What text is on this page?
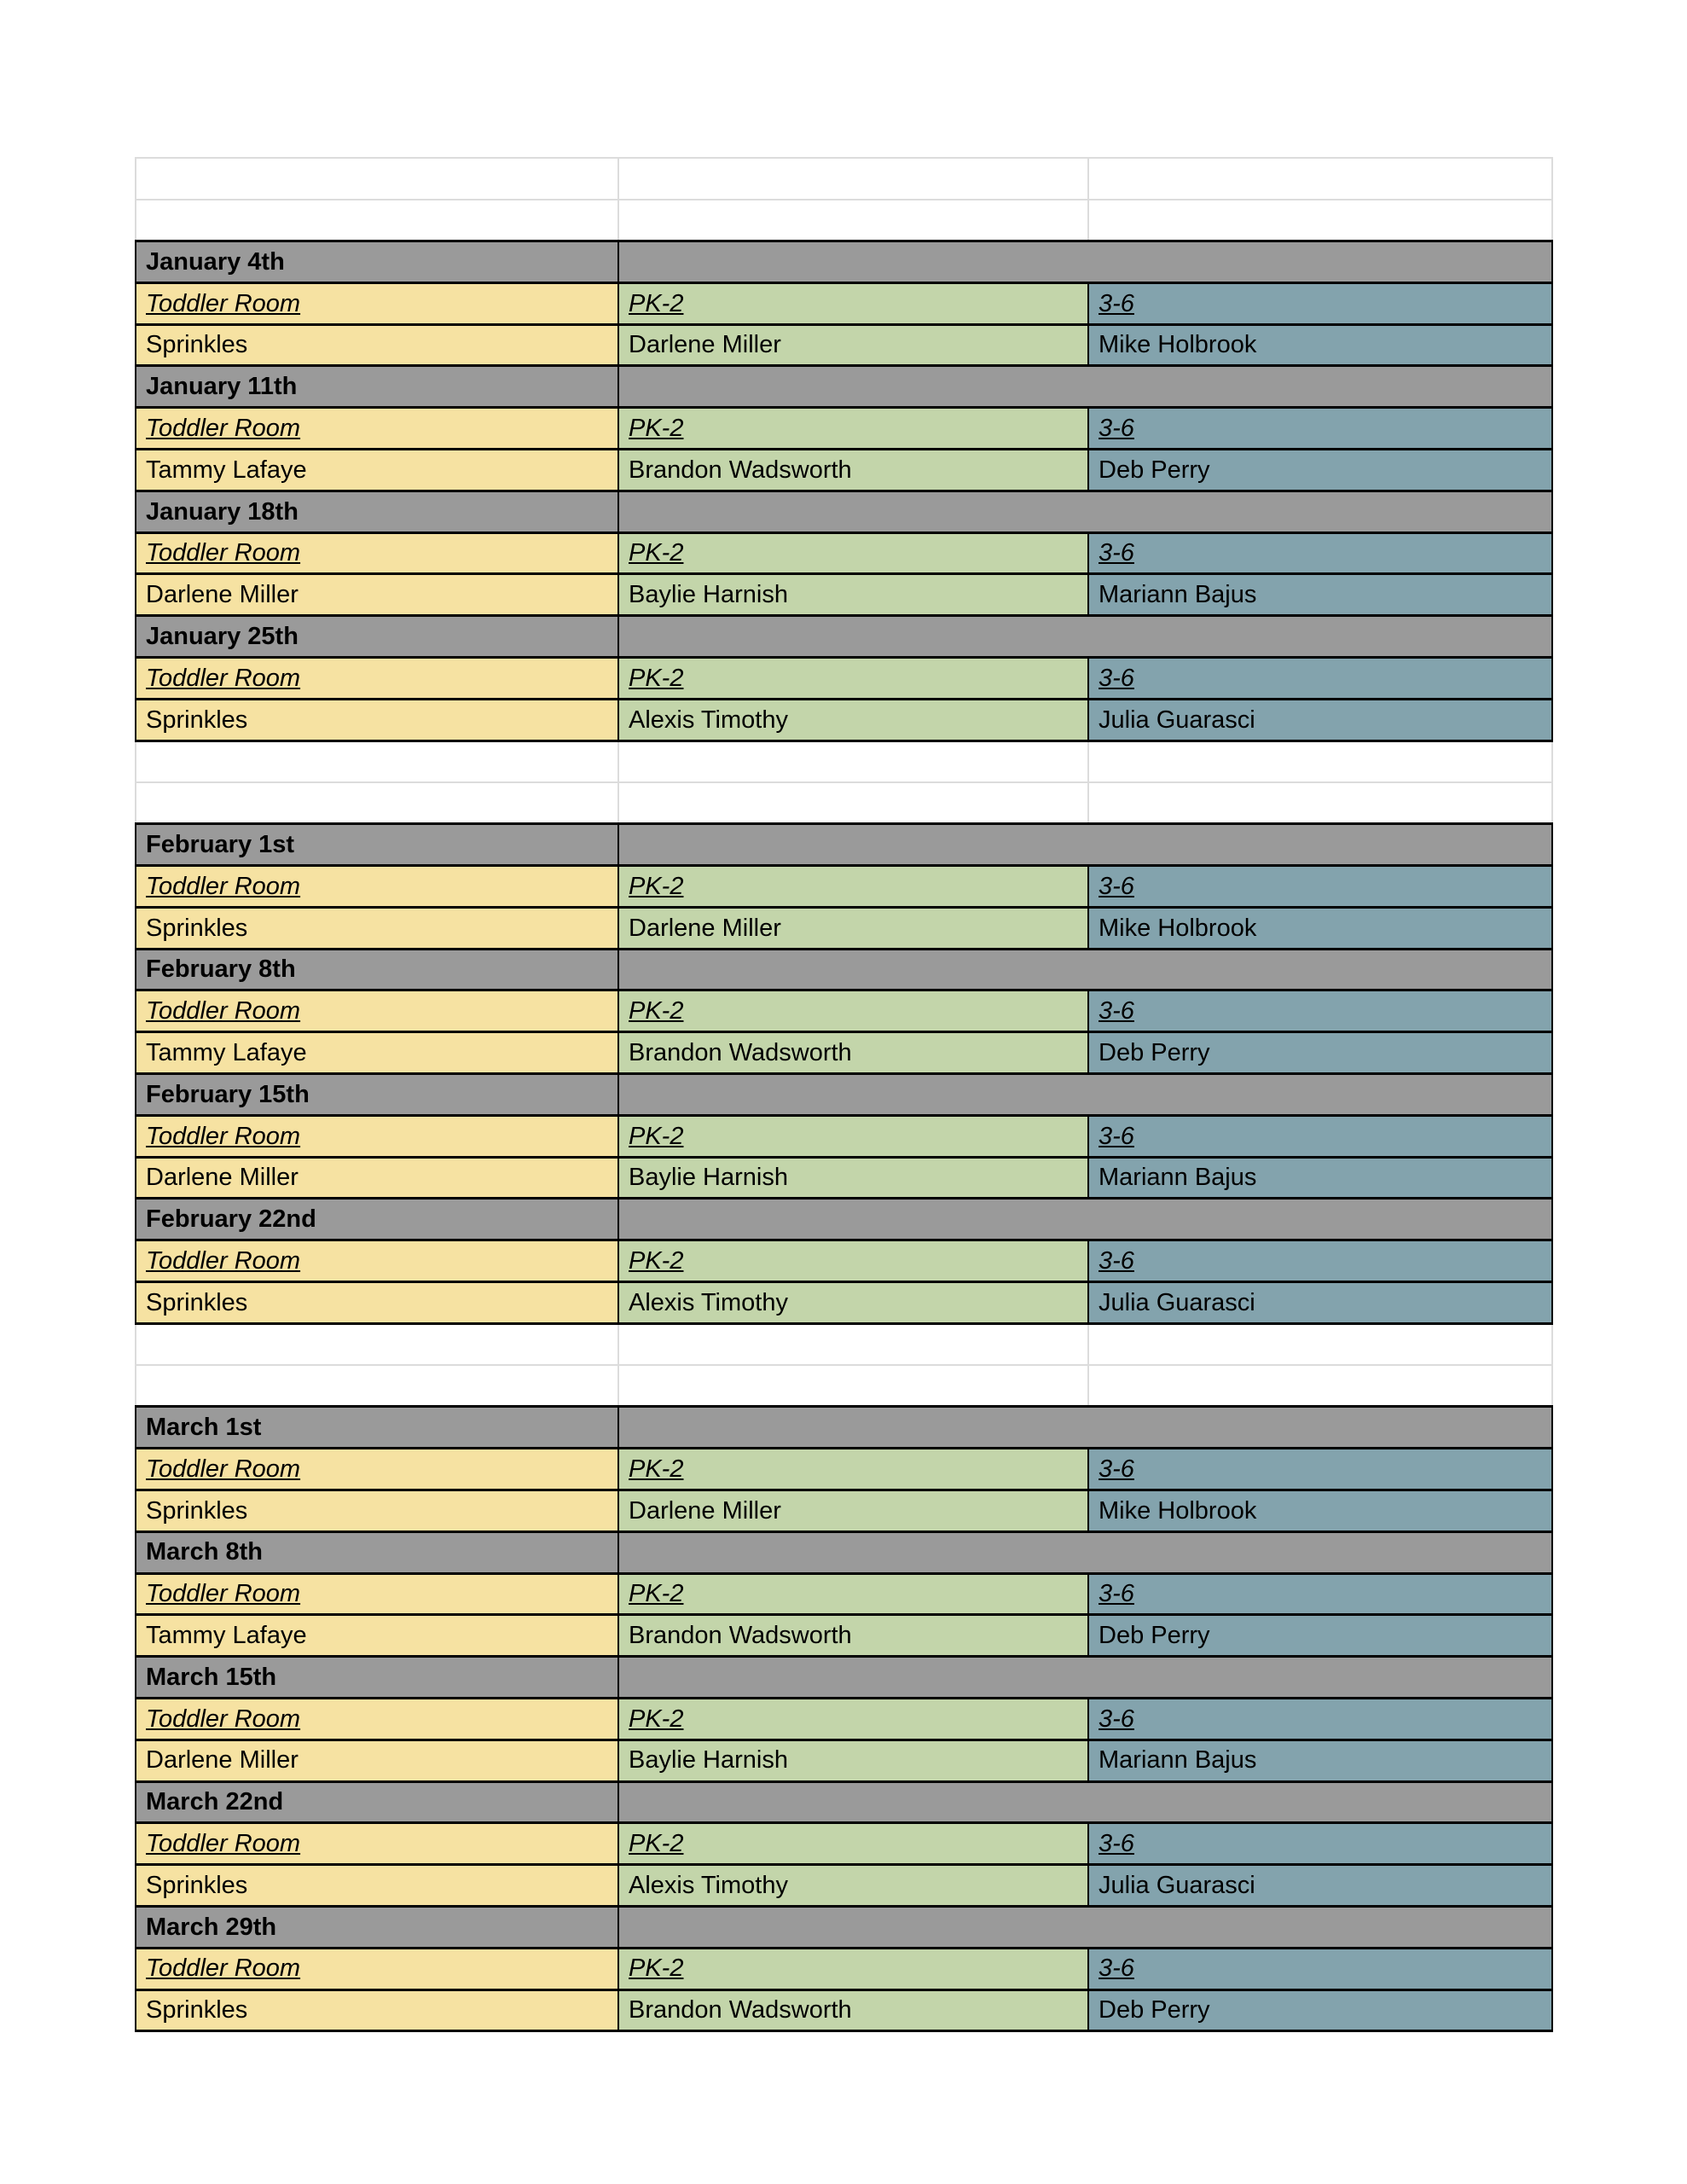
January 4th		
Toddler Room	PK-2	3-6
Sprinkles	Darlene Miller	Mike Holbrook
January 11th		
Toddler Room	PK-2	3-6
Tammy Lafaye	Brandon Wadsworth	Deb Perry
January 18th		
Toddler Room	PK-2	3-6
Darlene Miller	Baylie Harnish	Mariann Bajus
January 25th		
Toddler Room	PK-2	3-6
Sprinkles	Alexis Timothy	Julia Guarasci

February 1st		
Toddler Room	PK-2	3-6
Sprinkles	Darlene Miller	Mike Holbrook
February 8th		
Toddler Room	PK-2	3-6
Tammy Lafaye	Brandon Wadsworth	Deb Perry
February 15th		
Toddler Room	PK-2	3-6
Darlene Miller	Baylie Harnish	Mariann Bajus
February 22nd		
Toddler Room	PK-2	3-6
Sprinkles	Alexis Timothy	Julia Guarasci

March 1st		
Toddler Room	PK-2	3-6
Sprinkles	Darlene Miller	Mike Holbrook
March 8th		
Toddler Room	PK-2	3-6
Tammy Lafaye	Brandon Wadsworth	Deb Perry
March 15th		
Toddler Room	PK-2	3-6
Darlene Miller	Baylie Harnish	Mariann Bajus
March 22nd		
Toddler Room	PK-2	3-6
Sprinkles	Alexis Timothy	Julia Guarasci
March 29th		
Toddler Room	PK-2	3-6
Sprinkles	Brandon Wadsworth	Deb Perry
